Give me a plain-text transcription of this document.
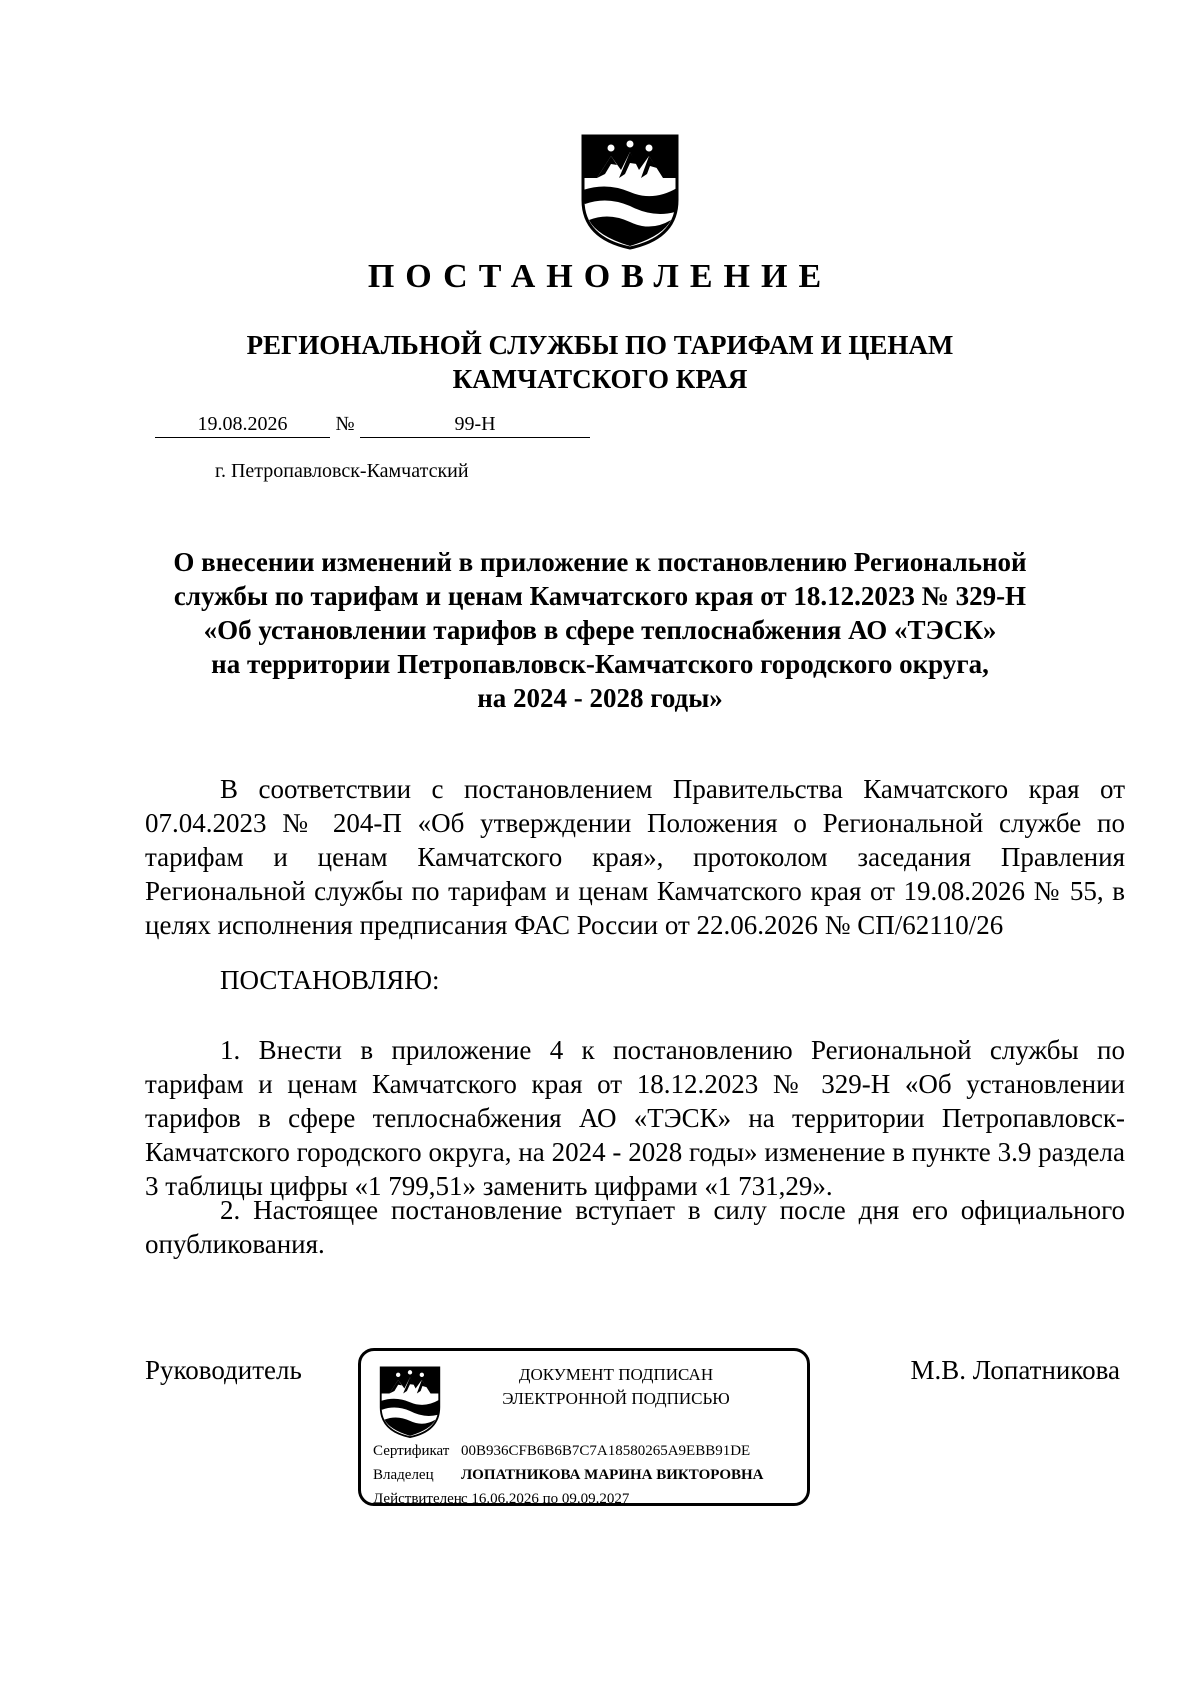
ПОСТАНОВЛЕНИЕ
РЕГИОНАЛЬНОЙ СЛУЖБЫ ПО ТАРИФАМ И ЦЕНАМ
КАМЧАТСКОГО КРАЯ
19.08.2026	№	99-Н
г. Петропавловск-Камчатский
О внесении изменений в приложение к постановлению Региональной
службы по тарифам и ценам Камчатского края от 18.12.2023 № 329-Н
«Об установлении тарифов в сфере теплоснабжения АО «ТЭСК»
на территории Петропавловск-Камчатского городского округа,
на 2024 - 2028 годы»
В соответствии с постановлением Правительства Камчатского края от 07.04.2023 № 204-П «Об утверждении Положения о Региональной службе по тарифам и ценам Камчатского края», протоколом заседания Правления Региональной службы по тарифам и ценам Камчатского края от 19.08.2026 № 55, в целях исполнения предписания ФАС России от 22.06.2026 № СП/62110/26
ПОСТАНОВЛЯЮ:
1. Внести в приложение 4 к постановлению Региональной службы по тарифам и ценам Камчатского края от 18.12.2023 № 329-Н «Об установлении тарифов в сфере теплоснабжения АО «ТЭСК» на территории Петропавловск-Камчатского городского округа, на 2024 - 2028 годы» изменение в пункте 3.9 раздела 3 таблицы цифры «1 799,51» заменить цифрами «1 731,29».
2. Настоящее постановление вступает в силу после дня его официального опубликования.
Руководитель	ДОКУМЕНТ ПОДПИСАН
ЭЛЕКТРОННОЙ ПОДПИСЬЮ
Сертификат 00B936CFB6B6B7C7A18580265A9EBB91DE
Владелец ЛОПАТНИКОВА МАРИНА ВИКТОРОВНА
Действителенс 16.06.2026 по 09.09.2027
М.В. Лопатникова
